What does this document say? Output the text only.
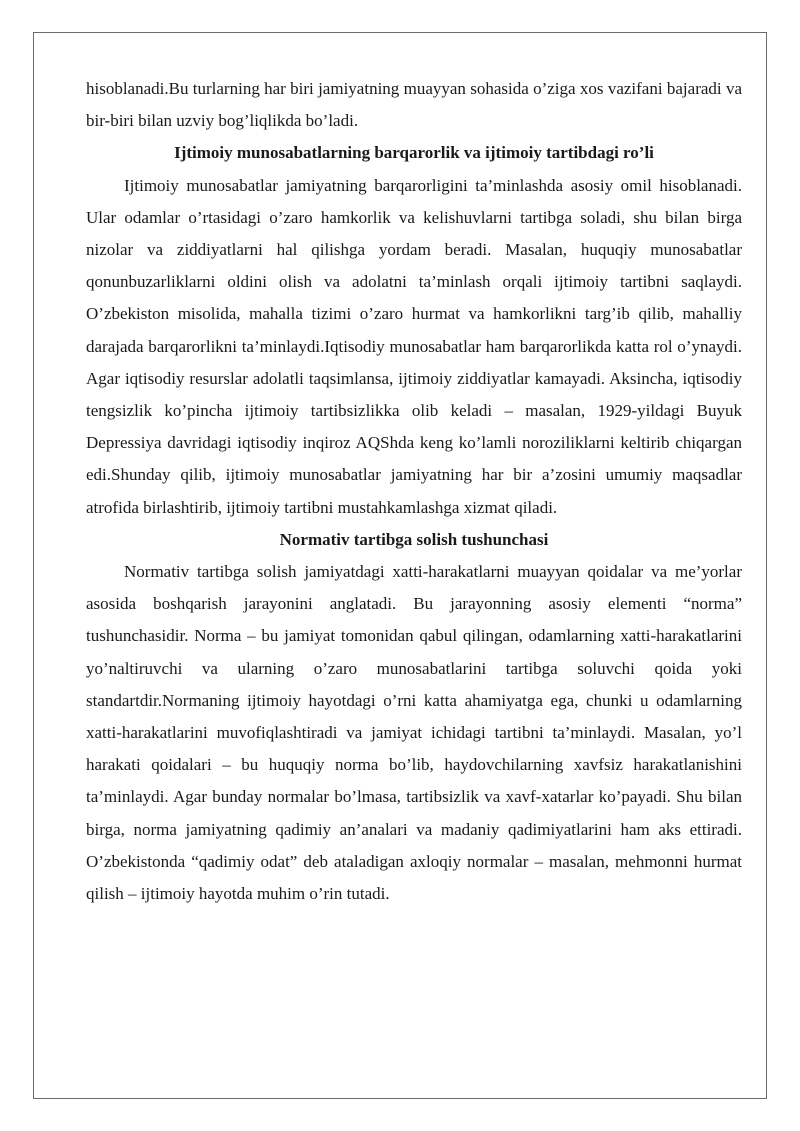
hisoblanadi.Bu turlarning har biri jamiyatning muayyan sohasida o’ziga xos vazifani bajaradi va bir-biri bilan uzviy bog’liqlikda bo’ladi.

Ijtimoiy munosabatlarning barqarorlik va ijtimoiy tartibdagi ro’li

Ijtimoiy munosabatlar jamiyatning barqarorligini ta’minlashda asosiy omil hisoblanadi. Ular odamlar o’rtasidagi o’zaro hamkorlik va kelishuvlarni tartibga soladi, shu bilan birga nizolar va ziddiyatlarni hal qilishga yordam beradi. Masalan, huquqiy munosabatlar qonunbuzarliklarni oldini olish va adolatni ta’minlash orqali ijtimoiy tartibni saqlaydi. O’zbekiston misolida, mahalla tizimi o’zaro hurmat va hamkorlikni targ’ib qilib, mahalliy darajada barqarorlikni ta’minlaydi.Iqtisodiy munosabatlar ham barqarorlikda katta rol o’ynaydi. Agar iqtisodiy resurslar adolatli taqsimlansa, ijtimoiy ziddiyatlar kamayadi. Aksincha, iqtisodiy tengsizlik ko’pincha ijtimoiy tartibsizlikka olib keladi – masalan, 1929-yildagi Buyuk Depressiya davridagi iqtisodiy inqiroz AQShda keng ko’lamli noroziliklarni keltirib chiqargan edi.Shunday qilib, ijtimoiy munosabatlar jamiyatning har bir a’zosini umumiy maqsadlar atrofida birlashtirib, ijtimoiy tartibni mustahkamlashga xizmat qiladi.

Normativ tartibga solish tushunchasi

Normativ tartibga solish jamiyatdagi xatti-harakatlarni muayyan qoidalar va me’yorlar asosida boshqarish jarayonini anglatadi. Bu jarayonning asosiy elementi “norma” tushunchasidir. Norma – bu jamiyat tomonidan qabul qilingan, odamlarning xatti-harakatlarini yo’naltiruvchi va ularning o’zaro munosabatlarini tartibga soluvchi qoida yoki standartdir.Normaning ijtimoiy hayotdagi o’rni katta ahamiyatga ega, chunki u odamlarning xatti-harakatlarini muvofiqlashtiradi va jamiyat ichidagi tartibni ta’minlaydi. Masalan, yo’l harakati qoidalari – bu huquqiy norma bo’lib, haydovchilarning xavfsiz harakatlanishini ta’minlaydi. Agar bunday normalar bo’lmasa, tartibsizlik va xavf-xatarlar ko’payadi. Shu bilan birga, norma jamiyatning qadimiy an’analari va madaniy qadimiyatlarini ham aks ettiradi. O’zbekistonda “qadimiy odat” deb ataladigan axloqiy normalar – masalan, mehmonni hurmat qilish – ijtimoiy hayotda muhim o’rin tutadi.
